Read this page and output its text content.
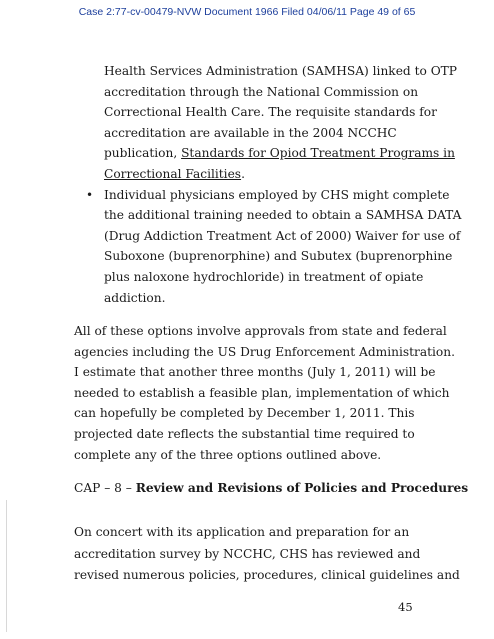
Case 2:77-cv-00479-NVW Document 1966 Filed 04/06/11 Page 49 of 65
Health Services Administration (SAMHSA) linked to OTP
accreditation through the National Commission on
Correctional Health Care. The requisite standards for
accreditation are available in the 2004 NCCHC
publication, Standards for Opiod Treatment Programs in
Correctional Facilities.
• Individual physicians employed by CHS might complete
the additional training needed to obtain a SAMHSA DATA
(Drug Addiction Treatment Act of 2000) Waiver for use of
Suboxone (buprenorphine) and Subutex (buprenorphine
plus naloxone hydrochloride) in treatment of opiate
addiction.
All of these options involve approvals from state and federal
agencies including the US Drug Enforcement Administration.
I estimate that another three months (July 1, 2011) will be
needed to establish a feasible plan, implementation of which
can hopefully be completed by December 1, 2011. This
projected date reflects the substantial time required to
complete any of the three options outlined above.
CAP – 8 – Review and Revisions of Policies and Procedures
On concert with its application and preparation for an
accreditation survey by NCCHC, CHS has reviewed and
revised numerous policies, procedures, clinical guidelines and
45
